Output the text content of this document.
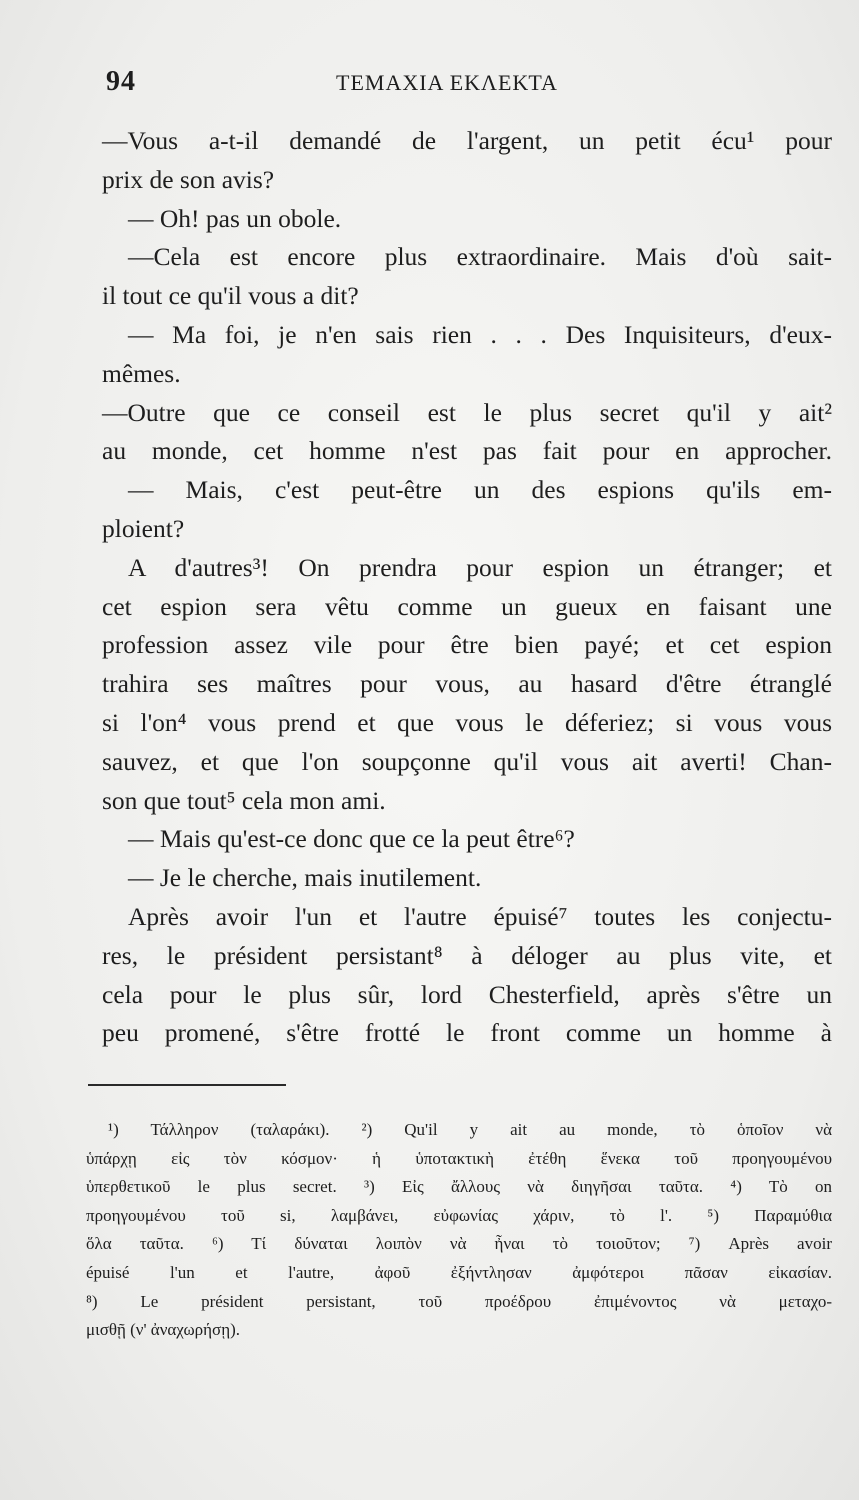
94	ΤΕΜΑΧΙΑ ΕΚΛΕΚΤΑ
—Vous a-t-il demandé de l'argent, un petit écu¹ pour
prix de son avis?
— Oh! pas un obole.
—Cela est encore plus extraordinaire. Mais d'où sait-
il tout ce qu'il vous a dit?
— Ma foi, je n'en sais rien . . . Des Inquisiteurs, d'eux-
mêmes.
—Outre que ce conseil est le plus secret qu'il y ait²
au monde, cet homme n'est pas fait pour en approcher.
— Mais, c'est peut-être un des espions qu'ils em-
ploient?
A d'autres³! On prendra pour espion un étranger; et
cet espion sera vêtu comme un gueux en faisant une
profession assez vile pour être bien payé; et cet espion
trahira ses maîtres pour vous, au hasard d'être étranglé
si l'on⁴ vous prend et que vous le déferiez; si vous vous
sauvez, et que l'on soupçonne qu'il vous ait averti! Chan-
son que tout⁵ cela mon ami.
— Mais qu'est-ce donc que ce la peut être⁶?
— Je le cherche, mais inutilement.
Après avoir l'un et l'autre épuisé⁷ toutes les conjectu-
res, le président persistant⁸ à déloger au plus vite, et
cela pour le plus sûr, lord Chesterfield, après s'être un
peu promené, s'être frotté le front comme un homme à
¹) Τάλληρον (ταλαράκι). ²) Qu'il y ait au monde, τὸ ὁποῖον νὰ
ὑπάρχῃ εἰς τὸν κόσμον· ἡ ὑποτακτικὴ ἐτέθη ἕνεκα τοῦ προηγουμένου
ὑπερθετικοῦ le plus secret. ³) Εἰς ἄλλους νὰ διηγῆσαι ταῦτα. ⁴) Τὸ on
προηγουμένου τοῦ si, λαμβάνει, εὐφωνίας χάριν, τὸ l'. ⁵) Παραμύθια
ὅλα ταῦτα. ⁶) Τί δύναται λοιπὸν νὰ ἦναι τὸ τοιοῦτον; ⁷) Après avoir
épuisé l'un et l'autre, ἀφοῦ ἐξήντλησαν ἀμφότεροι πᾶσαν εἰκασίαν.
⁸) Le président persistant, τοῦ προέδρου ἐπιμένοντος νὰ μεταχο-
μισθῇ (ν' ἀναχωρήσῃ).
